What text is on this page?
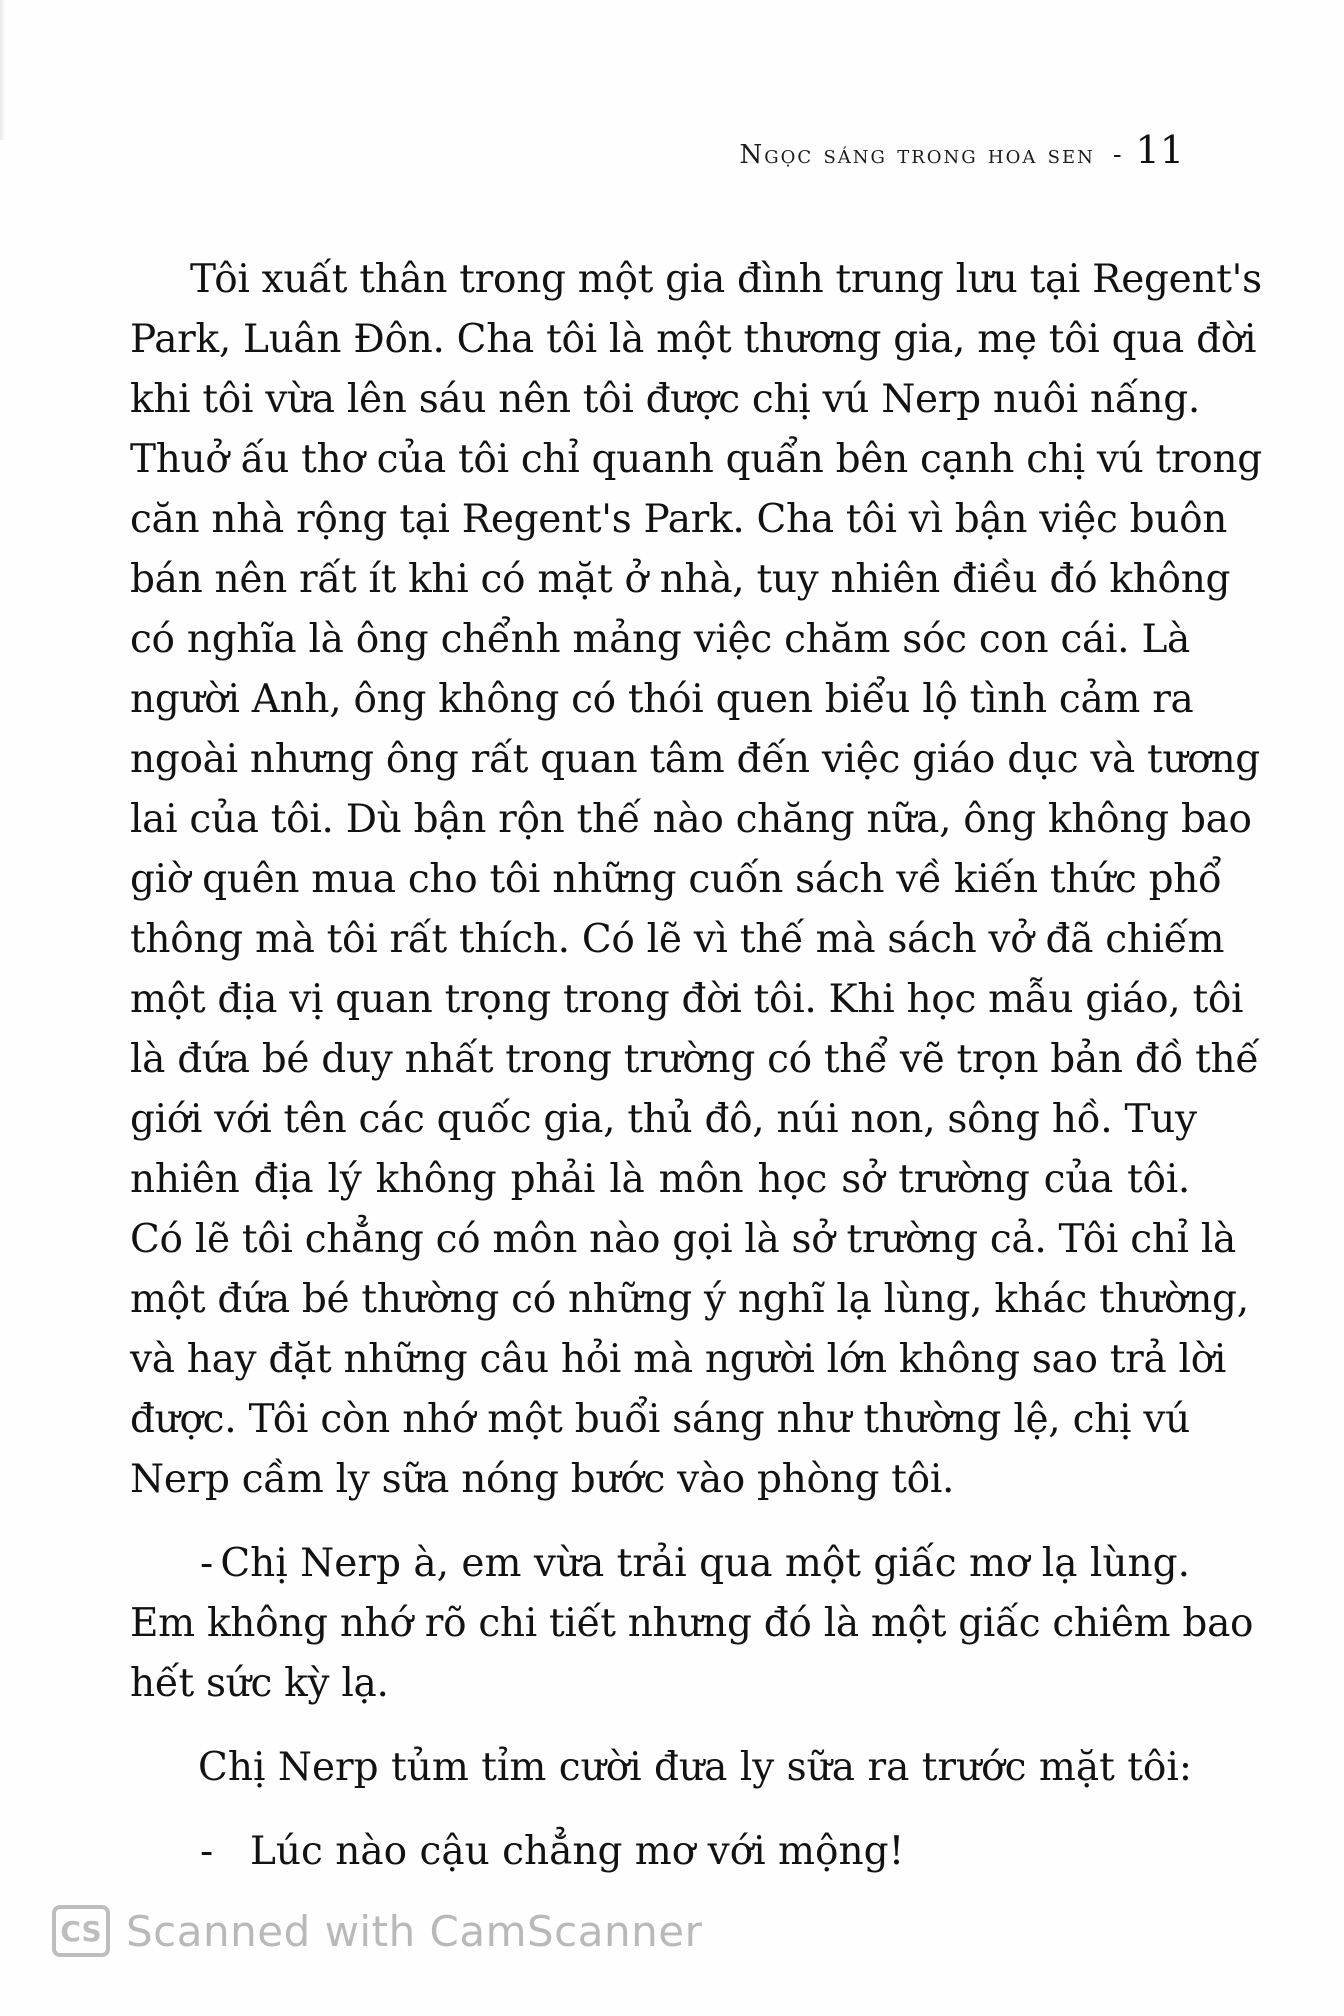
Ngọc sáng trong hoa sen - 11
Tôi xuất thân trong một gia đình trung lưu tại Regent's
Park, Luân Đôn. Cha tôi là một thương gia, mẹ tôi qua đời
khi tôi vừa lên sáu nên tôi được chị vú Nerp nuôi nấng.
Thuở ấu thơ của tôi chỉ quanh quẩn bên cạnh chị vú trong
căn nhà rộng tại Regent's Park. Cha tôi vì bận việc buôn
bán nên rất ít khi có mặt ở nhà, tuy nhiên điều đó không
có nghĩa là ông chểnh mảng việc chăm sóc con cái. Là
người Anh, ông không có thói quen biểu lộ tình cảm ra
ngoài nhưng ông rất quan tâm đến việc giáo dục và tương
lai của tôi. Dù bận rộn thế nào chăng nữa, ông không bao
giờ quên mua cho tôi những cuốn sách về kiến thức phổ
thông mà tôi rất thích. Có lẽ vì thế mà sách vở đã chiếm
một địa vị quan trọng trong đời tôi. Khi học mẫu giáo, tôi
là đứa bé duy nhất trong trường có thể vẽ trọn bản đồ thế
giới với tên các quốc gia, thủ đô, núi non, sông hồ. Tuy
nhiên địa lý không phải là môn học sở trường của tôi.
Có lẽ tôi chẳng có môn nào gọi là sở trường cả. Tôi chỉ là
một đứa bé thường có những ý nghĩ lạ lùng, khác thường,
và hay đặt những câu hỏi mà người lớn không sao trả lời
được. Tôi còn nhớ một buổi sáng như thường lệ, chị vú
Nerp cầm ly sữa nóng bước vào phòng tôi.
- Chị Nerp à, em vừa trải qua một giấc mơ lạ lùng.
Em không nhớ rõ chi tiết nhưng đó là một giấc chiêm bao
hết sức kỳ lạ.
Chị Nerp tủm tỉm cười đưa ly sữa ra trước mặt tôi:
- Lúc nào cậu chẳng mơ với mộng!
CS Scanned with CamScanner
